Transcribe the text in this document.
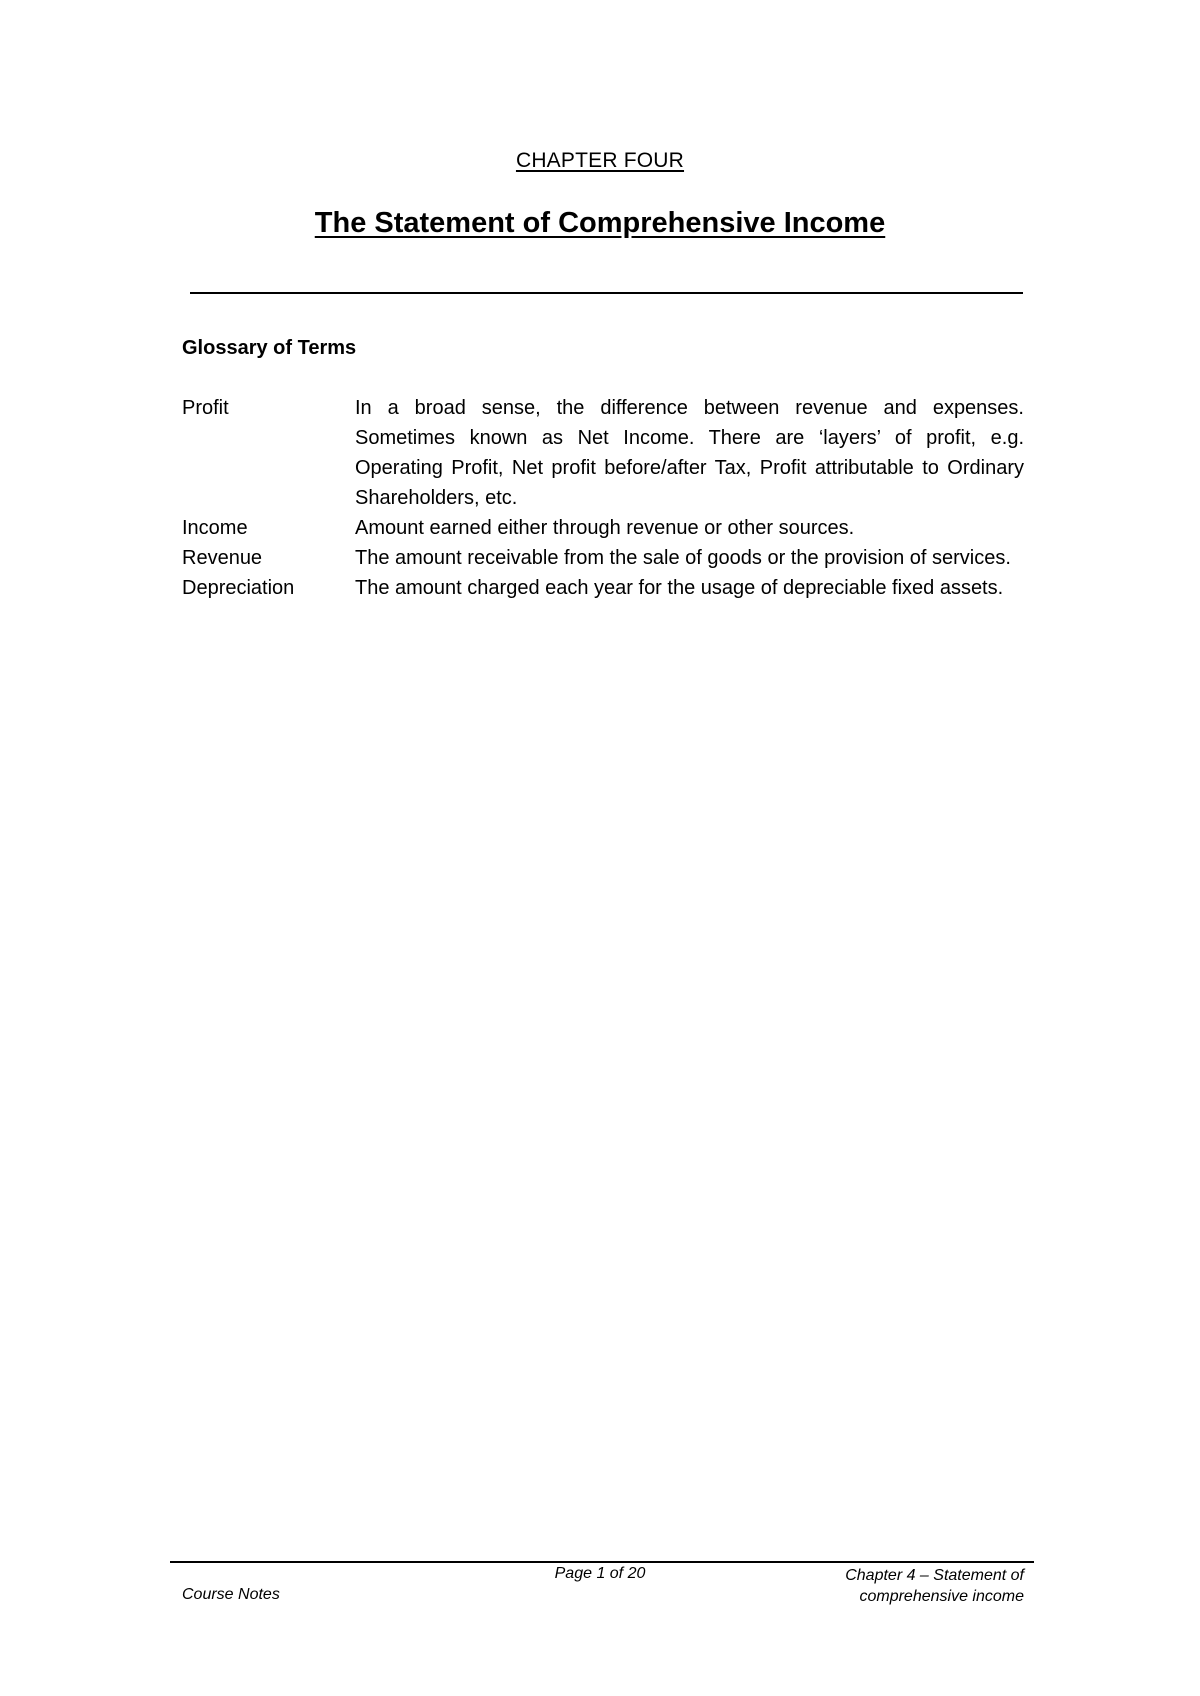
CHAPTER FOUR
The Statement of Comprehensive Income
Glossary of Terms
Profit	In a broad sense, the difference between revenue and expenses. Sometimes known as Net Income. There are ‘layers’ of profit, e.g. Operating Profit, Net profit before/after Tax, Profit attributable to Ordinary Shareholders, etc.
Income	Amount earned either through revenue or other sources.
Revenue	The amount receivable from the sale of goods or the provision of services.
Depreciation	The amount charged each year for the usage of depreciable fixed assets.
Course Notes
Page 1 of 20	Chapter 4 – Statement of
comprehensive income
